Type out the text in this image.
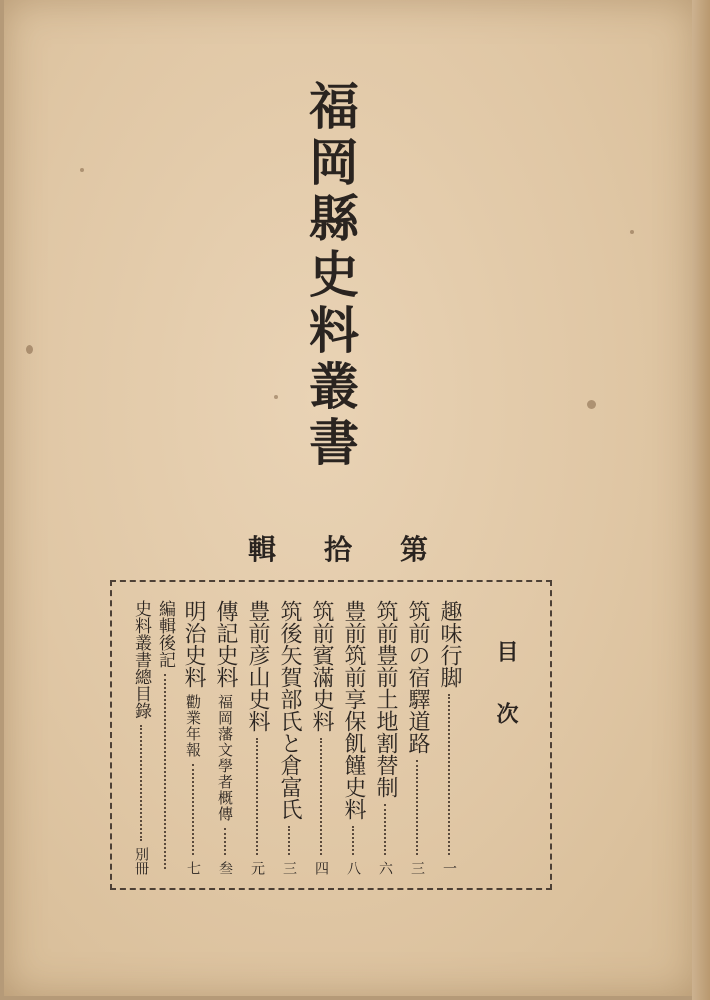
福岡縣史料叢書
第
拾
輯
目次
趣味行脚
一
筑前の宿驛道路
三
筑前豊前土地割替制
六
豊前筑前享保飢饉史料
八
筑前賓滿史料
四
筑後矢賀部氏と倉富氏
三
豊前彦山史料
元
傳記史料
福岡藩文學者概傳
叁
明治史料
勸業年報
七
編輯後記
史料叢書總目錄
別冊
